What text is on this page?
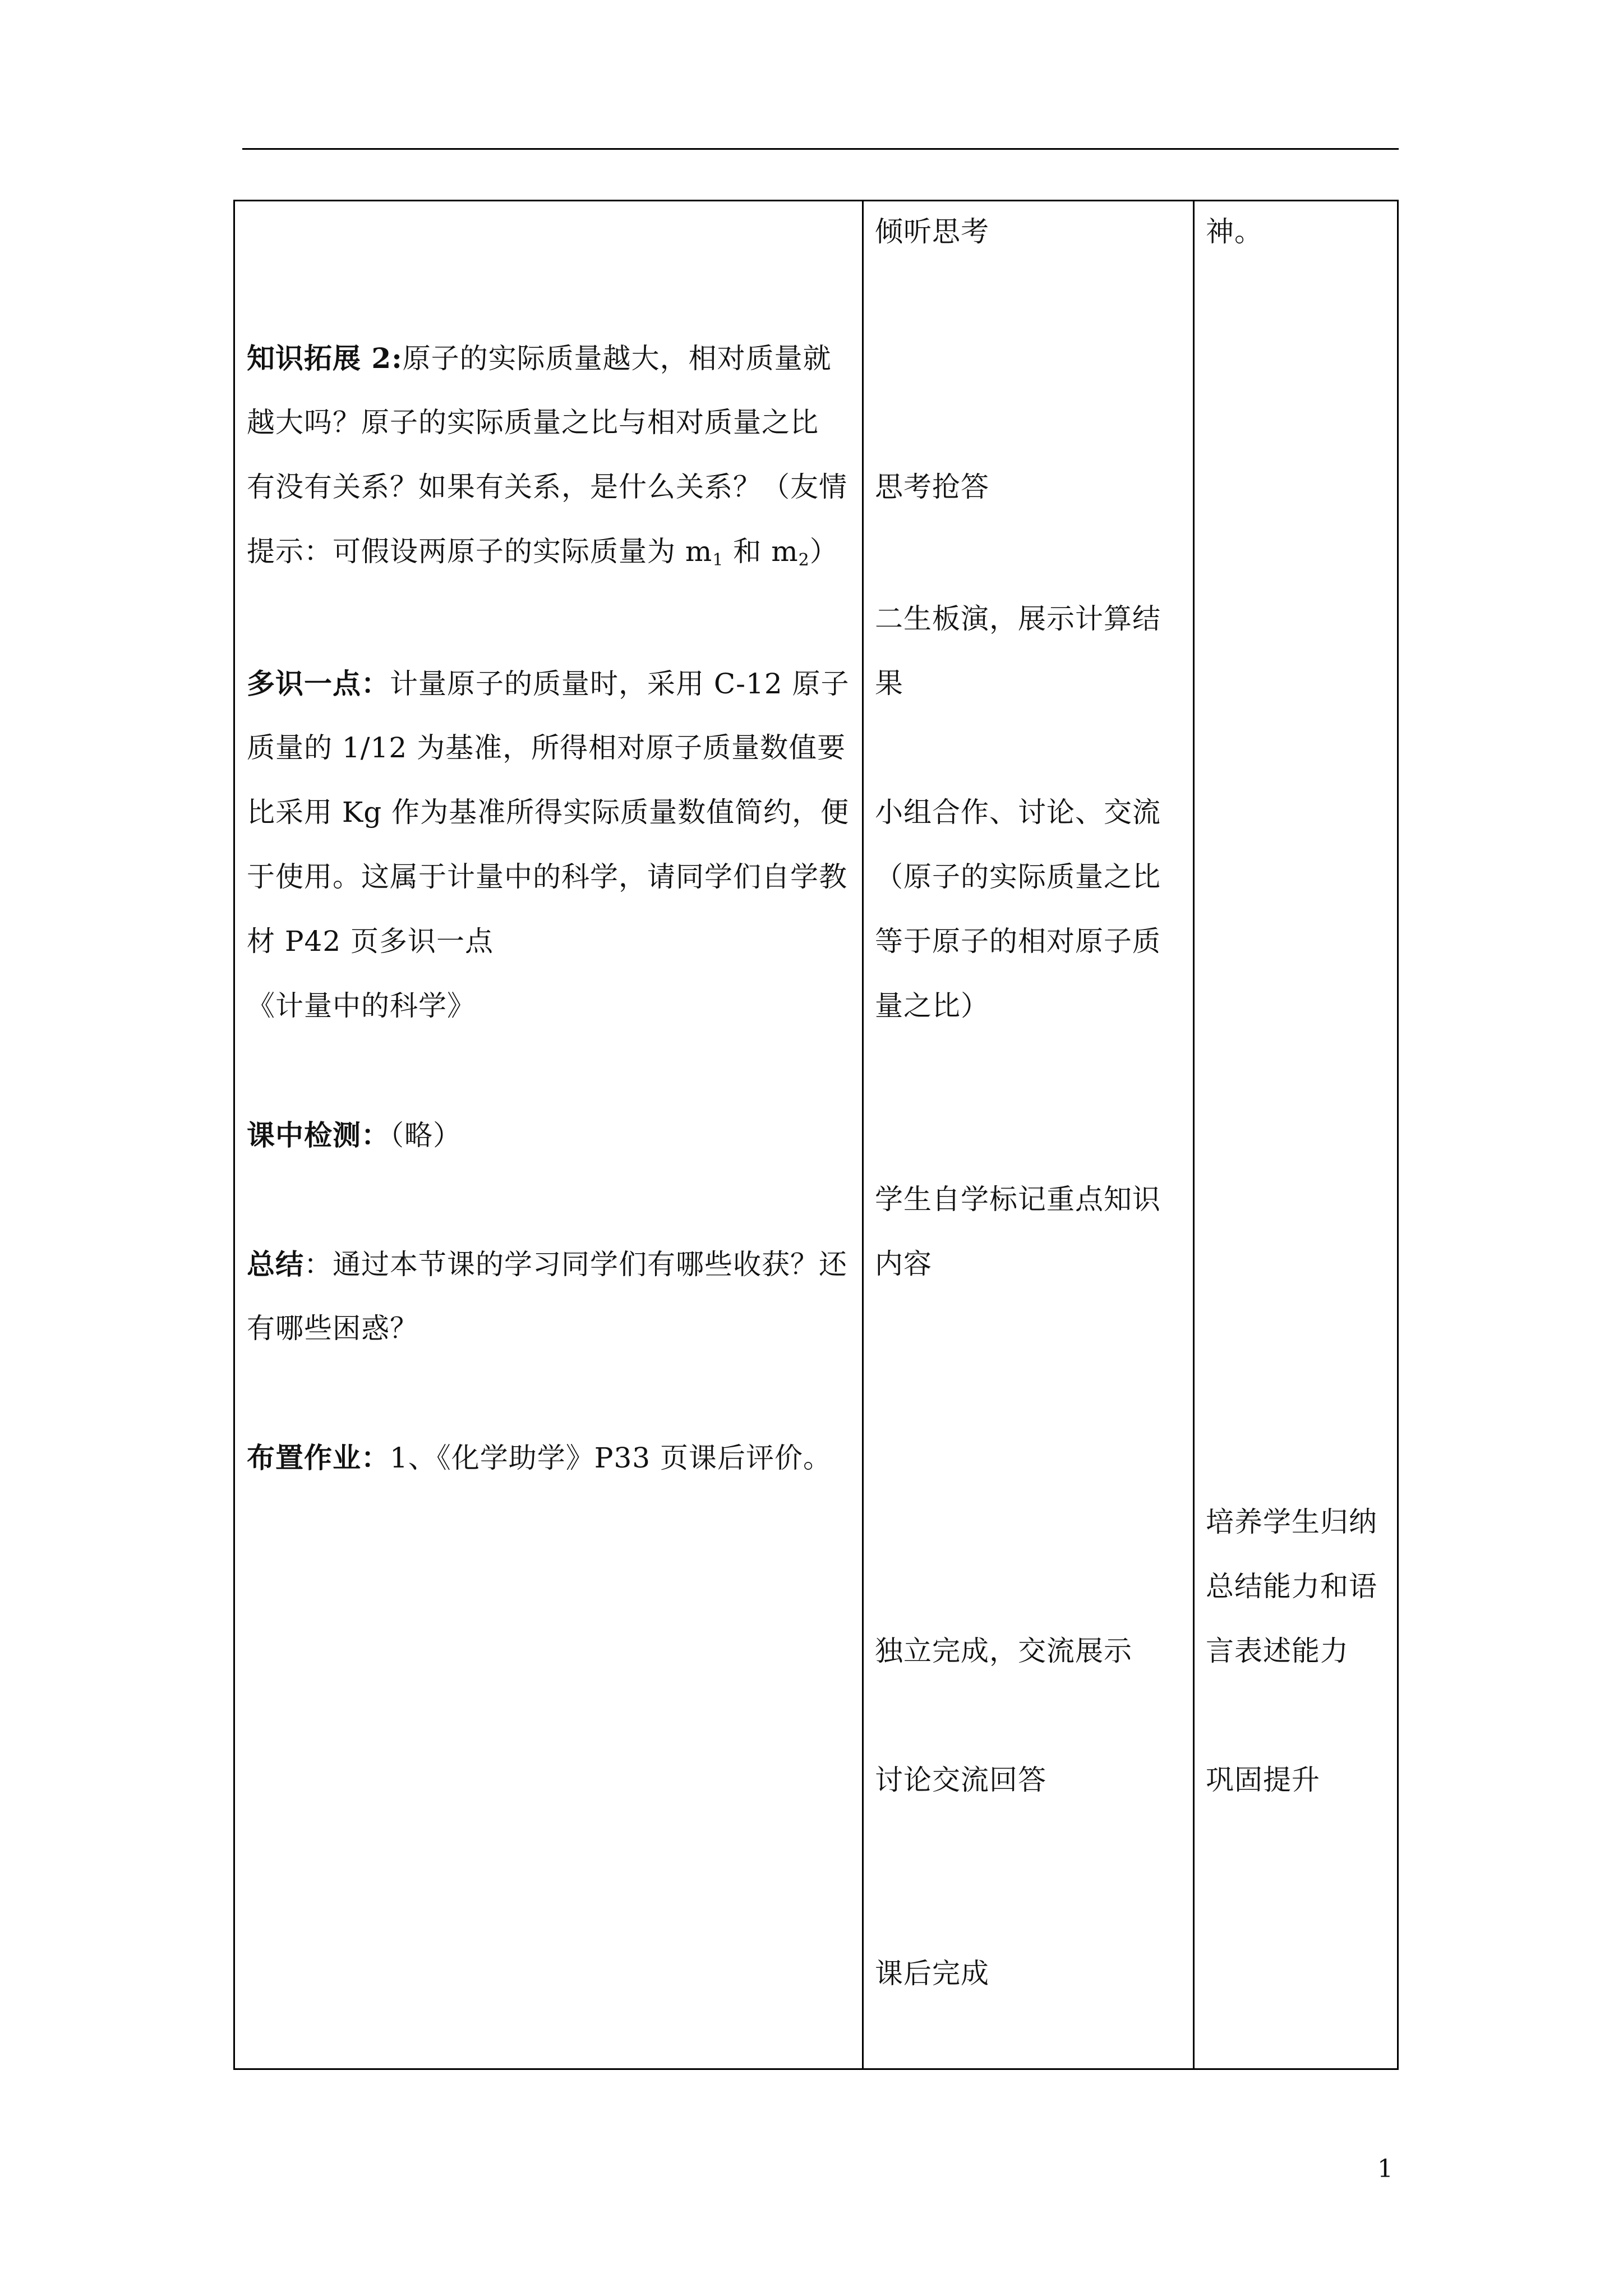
知识拓展 2:原子的实际质量越大，相对质量就
越大吗？原子的实际质量之比与相对质量之比
有没有关系？如果有关系，是什么关系？（友情
提示：可假设两原子的实际质量为 $m_1$ 和 $m_2$）
多识一点：计量原子的质量时，采用 C-12 原子
质量的 1/12 为基准，所得相对原子质量数值要
比采用 Kg 作为基准所得实际质量数值简约，便
于使用。这属于计量中的科学，请同学们自学教
材 P42 页多识一点
《计量中的科学》
课中检测：（略）
总结：通过本节课的学习同学们有哪些收获？还
有哪些困惑？
布置作业：1、《化学助学》P33 页课后评价。
倾听思考
思考抢答
二生板演，展示计算结
果
小组合作、讨论、交流
（原子的实际质量之比
等于原子的相对原子质
量之比）
学生自学标记重点知识
内容
独立完成，交流展示
讨论交流回答
课后完成
神。
培养学生归纳
总结能力和语
言表述能力
巩固提升
1
